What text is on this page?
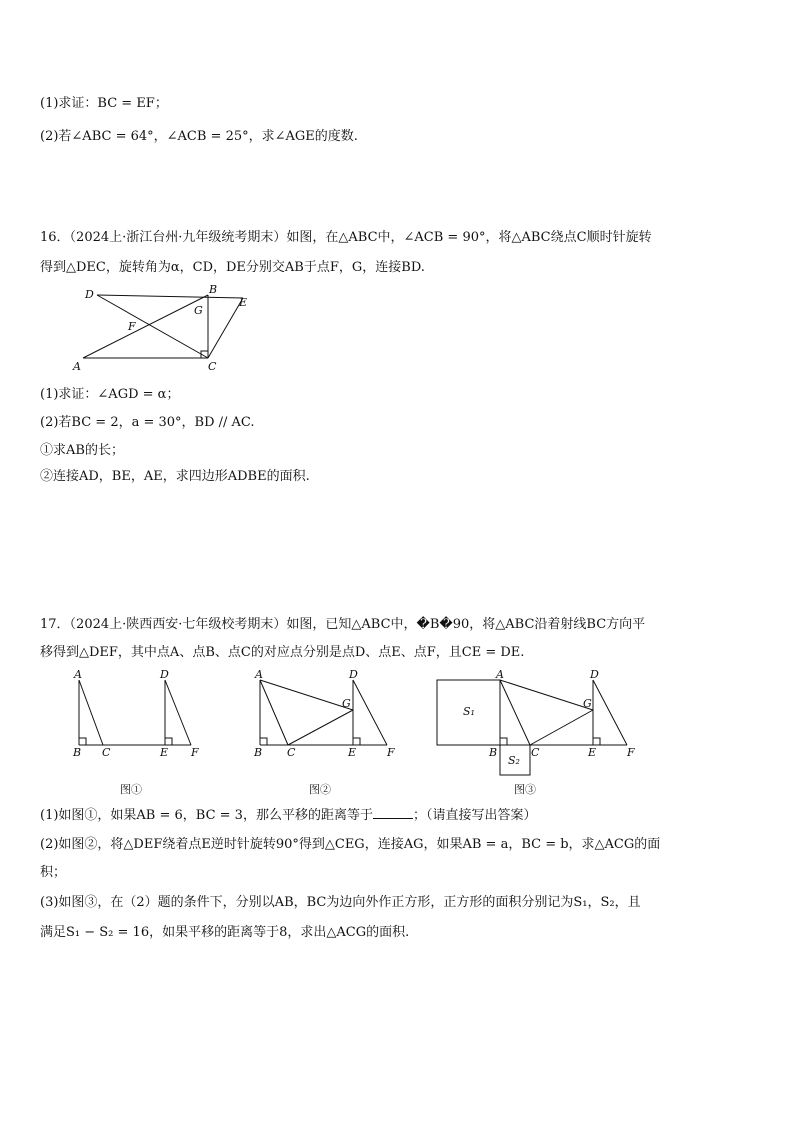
(1)求证：BC = EF；
(2)若∠ABC = 64°，∠ACB = 25°，求∠AGE的度数.
16．（2024上·浙江台州·九年级统考期末）如图，在△ABC中，∠ACB = 90°，将△ABC绕点C顺时针旋转
得到△DEC，旋转角为α，CD，DE分别交AB于点F，G，连接BD.
D	B
E
G
F
A	C
(1)求证：∠AGD = α；
(2)若BC = 2，a = 30°，BD // AC.
①求AB的长；
②连接AD，BE，AE，求四边形ADBE的面积.
17．（2024上·陕西西安·七年级校考期末）如图，已知△ABC中，�B�90，将△ABC沿着射线BC方向平
移得到△DEF，其中点A、点B、点C的对应点分别是点D、点E、点F，且CE = DE.
A	D
B C	E F
图①
A	D
G
B C	E	F
图②
A	D
G
S₁
S₂
B	C	E	F
图③
(1)如图①，如果AB = 6，BC = 3，那么平移的距离等于	；（请直接写出答案）
(2)如图②，将△DEF绕着点E逆时针旋转90°得到△CEG，连接AG，如果AB = a，BC = b，求△ACG的面
积；
(3)如图③，在（2）题的条件下，分别以AB，BC为边向外作正方形，正方形的面积分别记为S₁，S₂，且
满足S₁ − S₂ = 16，如果平移的距离等于8，求出△ACG的面积.
